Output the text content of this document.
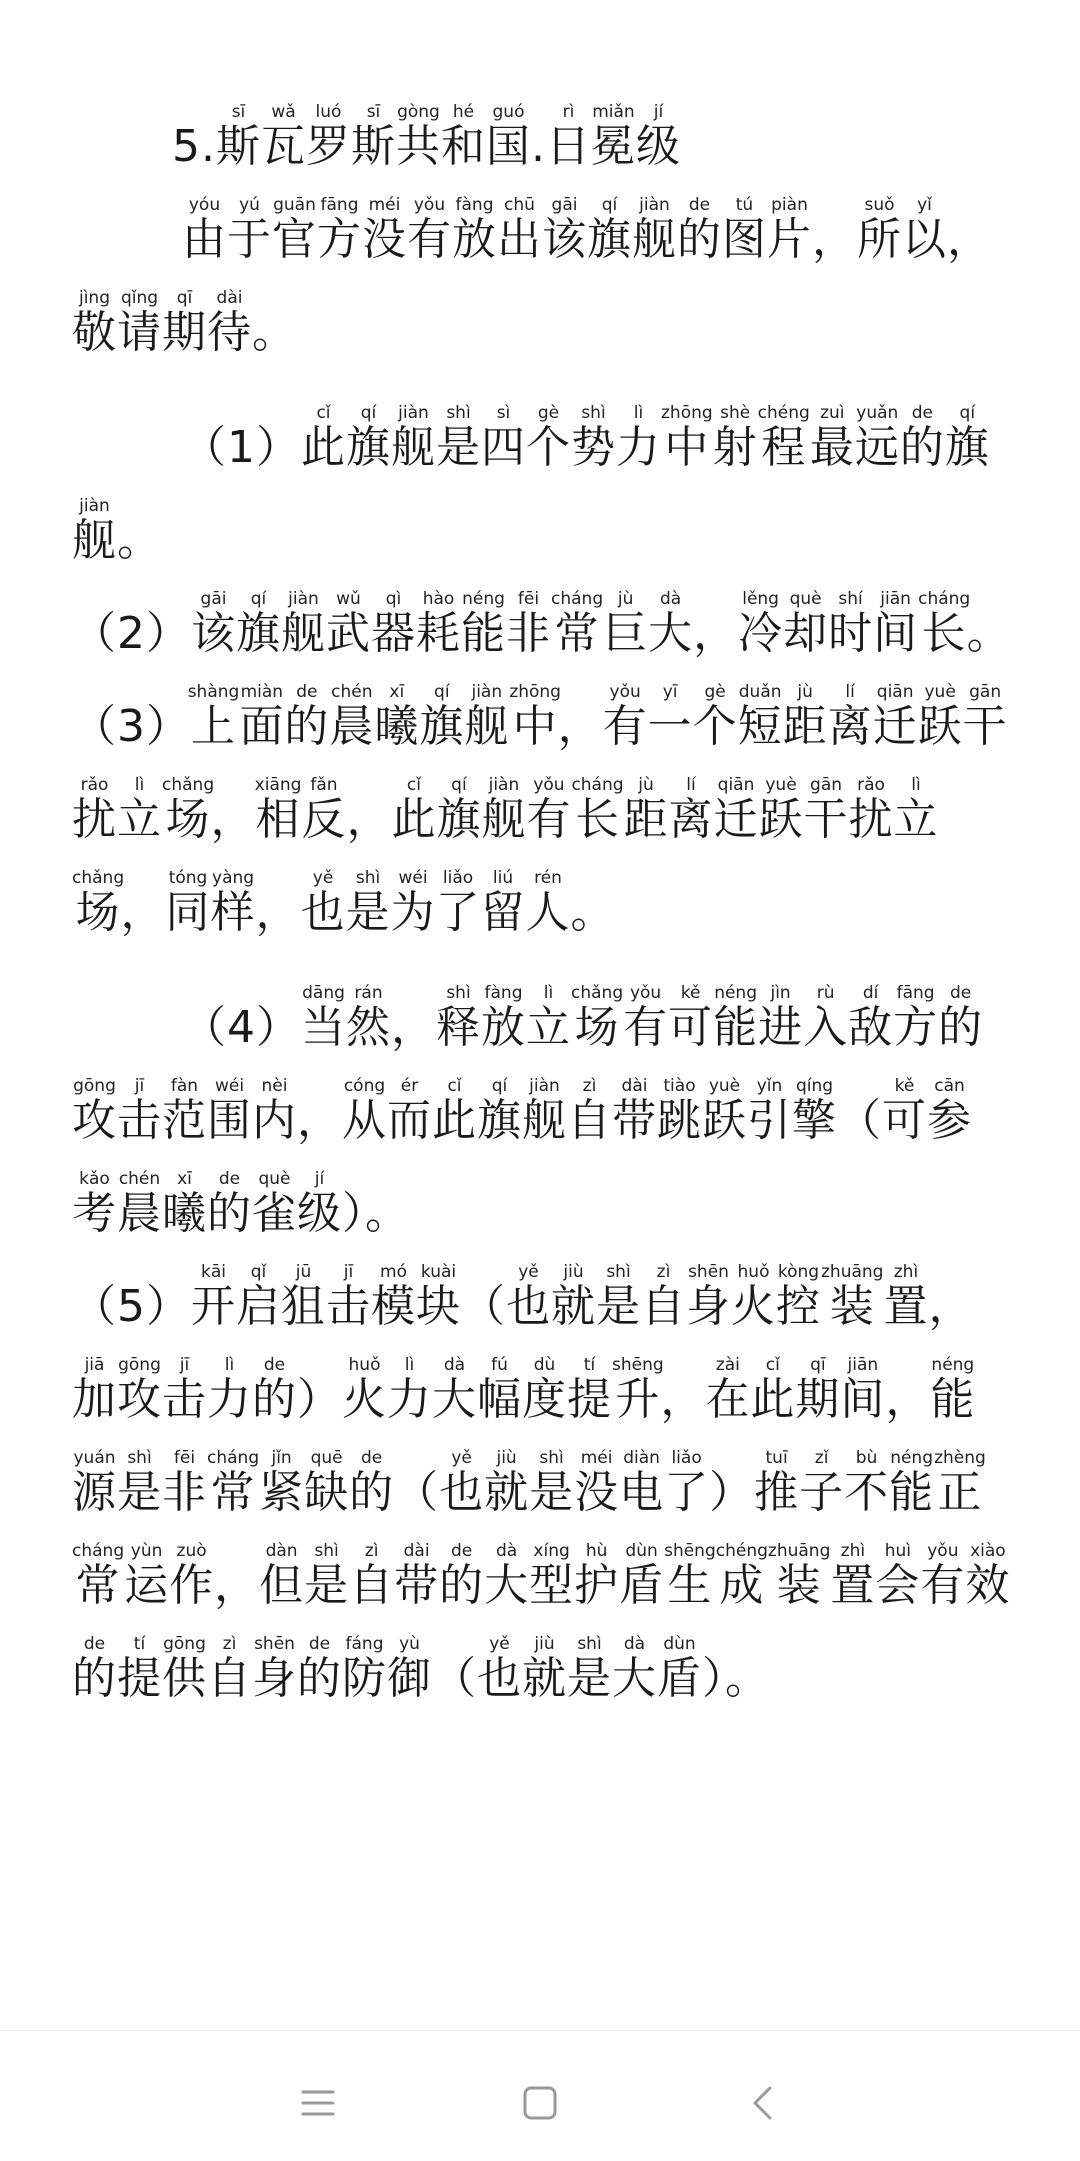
5.斯sī瓦wǎ罗luó斯sī共gòng和hé国guó.日rì冕miǎn级jí

由yóu于yú官guān方fāng没méi有yǒu放fàng出chū该gāi旗qí舰jiàn的de图tú片piàn，所suǒ以yǐ，敬jìng请qǐng期qī待dài。

（1）此cǐ旗qí舰jiàn是shì四sì个gè势shì力lì中zhōng射shè程chéng最zuì远yuǎn的de旗qí舰jiàn。

（2）该gāi旗qí舰jiàn武wǔ器qì耗hào能néng非fēi常cháng巨jù大dà，冷lěng却què时shí间jiān长cháng。

（3）上shàng面miàn的de晨chén曦xī旗qí舰jiàn中zhōng，有yǒu一yī个gè短duǎn距jù离lí迁qiān跃yuè干gān扰rǎo立lì场chǎng，相xiāng反fǎn，此cǐ旗qí舰jiàn有yǒu长cháng距jù离lí迁qiān跃yuè干gān扰rǎo立lì场chǎng，同tóng样yàng，也yě是shì为wéi了liǎo留liú人rén。

（4）当dāng然rán，释shì放fàng立lì场chǎng有yǒu可kě能néng进jìn入rù敌dí方fāng的de攻gōng击jī范fàn围wéi内nèi，从cóng而ér此cǐ旗qí舰jiàn自zì带dài跳tiào跃yuè引yǐn擎qíng（可kě参cān考kǎo晨chén曦xī的de雀què级jí）。

（5）开kāi启qǐ狙jū击jī模mó块kuài（也yě就jiù是shì自zì身shēn火huǒ控kòng装zhuāng置zhì，加jiā攻gōng击jī力lì的de）火huǒ力lì大dà幅fú度dù提tí升shēng，在zài此cǐ期qī间jiān，能néng源yuán是shì非fēi常cháng紧jǐn缺quē的de（也yě就jiù是shì没méi电diàn了liǎo）推tuī子zǐ不bù能néng正zhèng常cháng运yùn作zuò，但dàn是shì自zì带dài的de大dà型xíng护hù盾dùn生shēng成chéng装zhuāng置zhì会huì有yǒu效xiào的de提tí供gōng自zì身shēn的de防fáng御yù（也yě就jiù是shì大dà盾dùn）。
